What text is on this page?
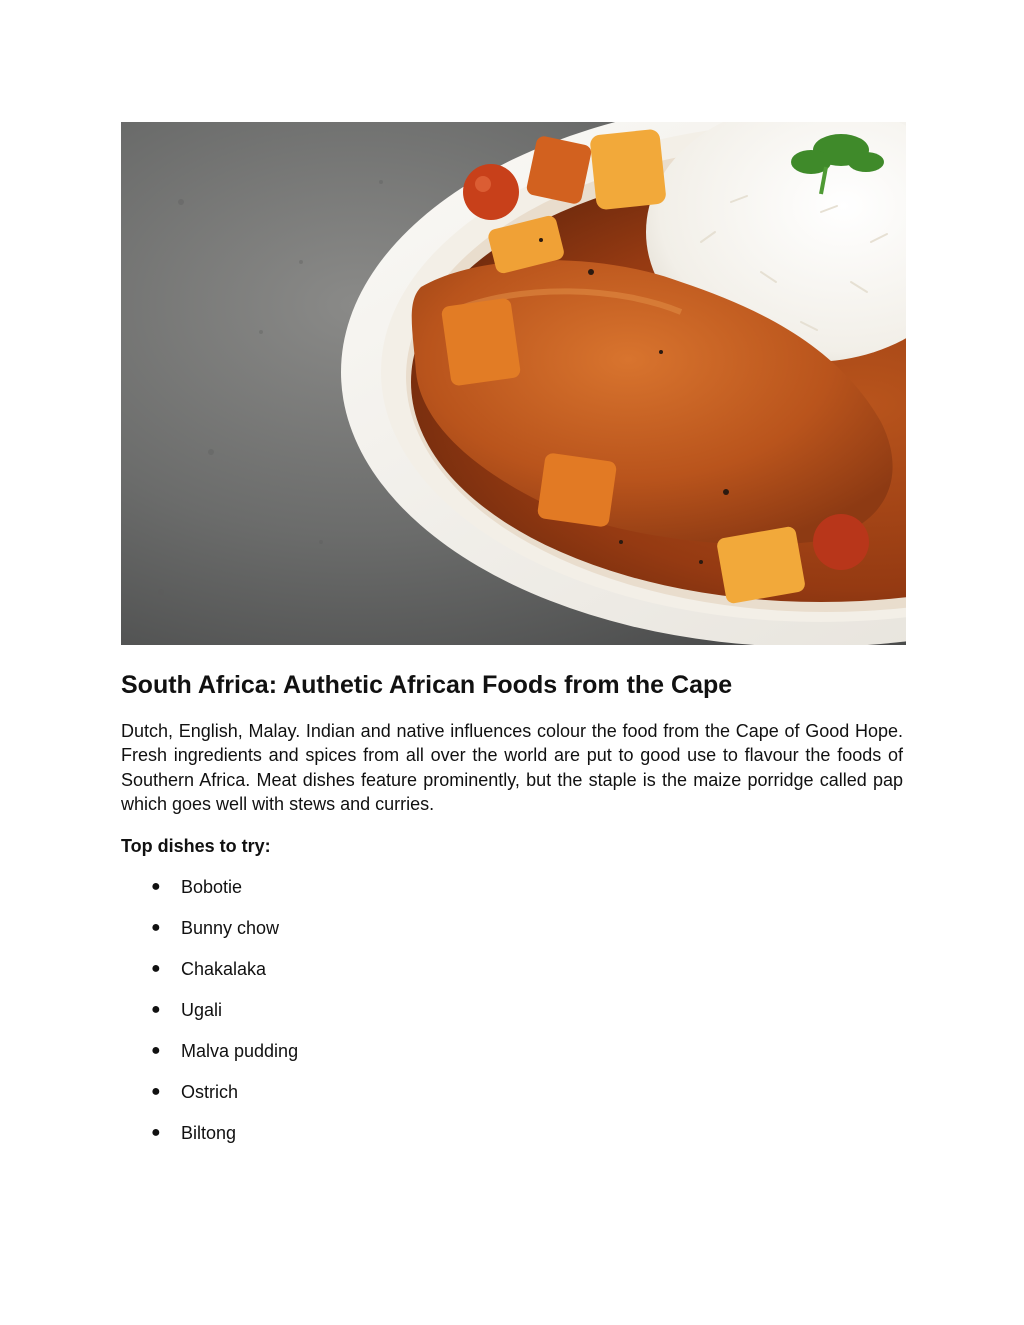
South Africa: Authetic African Foods from the Cape

Dutch, English, Malay. Indian and native influences colour the food from the Cape of Good Hope. Fresh ingredients and spices from all over the world are put to good use to flavour the foods of Southern Africa. Meat dishes feature prominently, but the staple is the maize porridge called pap which goes well with stews and curries.

Top dishes to try:

● Bobotie
● Bunny chow
● Chakalaka
● Ugali
● Malva pudding
● Ostrich
● Biltong
